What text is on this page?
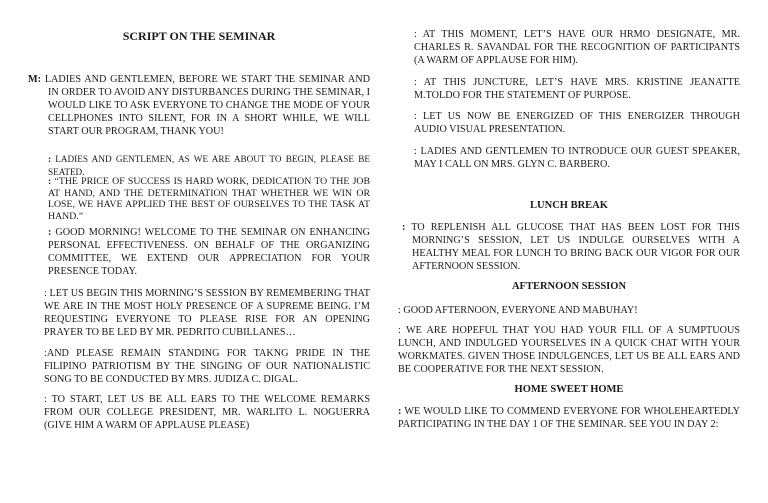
SCRIPT ON THE SEMINAR

M: LADIES AND GENTLEMEN, BEFORE WE START THE SEMINAR AND IN ORDER TO AVOID ANY DISTURBANCES DURING THE SEMINAR, I WOULD LIKE TO ASK EVERYONE TO CHANGE THE MODE OF YOUR CELLPHONES INTO SILENT, FOR IN A SHORT WHILE, WE WILL START OUR PROGRAM, THANK YOU!

: LADIES AND GENTLEMEN, AS WE ARE ABOUT TO BEGIN, PLEASE BE SEATED.

: “THE PRICE OF SUCCESS IS HARD WORK, DEDICATION TO THE JOB AT HAND, AND THE DETERMINATION THAT WHETHER WE WIN OR LOSE, WE HAVE APPLIED THE BEST OF OURSELVES TO THE TASK AT HAND.”

: GOOD MORNING! WELCOME TO THE SEMINAR ON ENHANCING PERSONAL EFFECTIVENESS. ON BEHALF OF THE ORGANIZING COMMITTEE, WE EXTEND OUR APPRECIATION FOR YOUR PRESENCE TODAY.

: LET US BEGIN THIS MORNING’S SESSION BY REMEMBERING THAT WE ARE IN THE MOST HOLY PRESENCE OF A SUPREME BEING. I’M REQUESTING EVERYONE TO PLEASE RISE FOR AN OPENING PRAYER TO BE LED BY MR. PEDRITO CUBILLANES…

:AND PLEASE REMAIN STANDING FOR TAKNG PRIDE IN THE FILIPINO PATRIOTISM BY THE SINGING OF OUR NATIONALISTIC SONG TO BE CONDUCTED BY MRS. JUDIZA C. DIGAL.

: TO START, LET US BE ALL EARS TO THE WELCOME REMARKS FROM OUR COLLEGE PRESIDENT, MR. WARLITO L. NOGUERRA (GIVE HIM A WARM OF APPLAUSE PLEASE)

: AT THIS MOMENT, LET’S HAVE OUR HRMO DESIGNATE, MR. CHARLES R. SAVANDAL FOR THE RECOGNITION OF PARTICIPANTS (A WARM OF APPLAUSE FOR HIM).

: AT THIS JUNCTURE, LET’S HAVE MRS. KRISTINE JEANATTE M.TOLDO FOR THE STATEMENT OF PURPOSE.

: LET US NOW BE ENERGIZED OF THIS ENERGIZER THROUGH AUDIO VISUAL PRESENTATION.

: LADIES AND GENTLEMEN TO INTRODUCE OUR GUEST SPEAKER, MAY I CALL ON MRS. GLYN C. BARBERO.

LUNCH BREAK

: TO REPLENISH ALL GLUCOSE THAT HAS BEEN LOST FOR THIS MORNING’S SESSION, LET US INDULGE OURSELVES WITH A HEALTHY MEAL FOR LUNCH TO BRING BACK OUR VIGOR FOR OUR AFTERNOON SESSION.

AFTERNOON SESSION

: GOOD AFTERNOON, EVERYONE AND MABUHAY!

: WE ARE HOPEFUL THAT YOU HAD YOUR FILL OF A SUMPTUOUS LUNCH, AND INDULGED YOURSELVES IN A QUICK CHAT WITH YOUR WORKMATES. GIVEN THOSE INDULGENCES, LET US BE ALL EARS AND BE COOPERATIVE FOR THE NEXT SESSION.

HOME SWEET HOME

: WE WOULD LIKE TO COMMEND EVERYONE FOR WHOLEHEARTEDLY PARTICIPATING IN THE DAY 1 OF THE SEMINAR. SEE YOU IN DAY 2:
